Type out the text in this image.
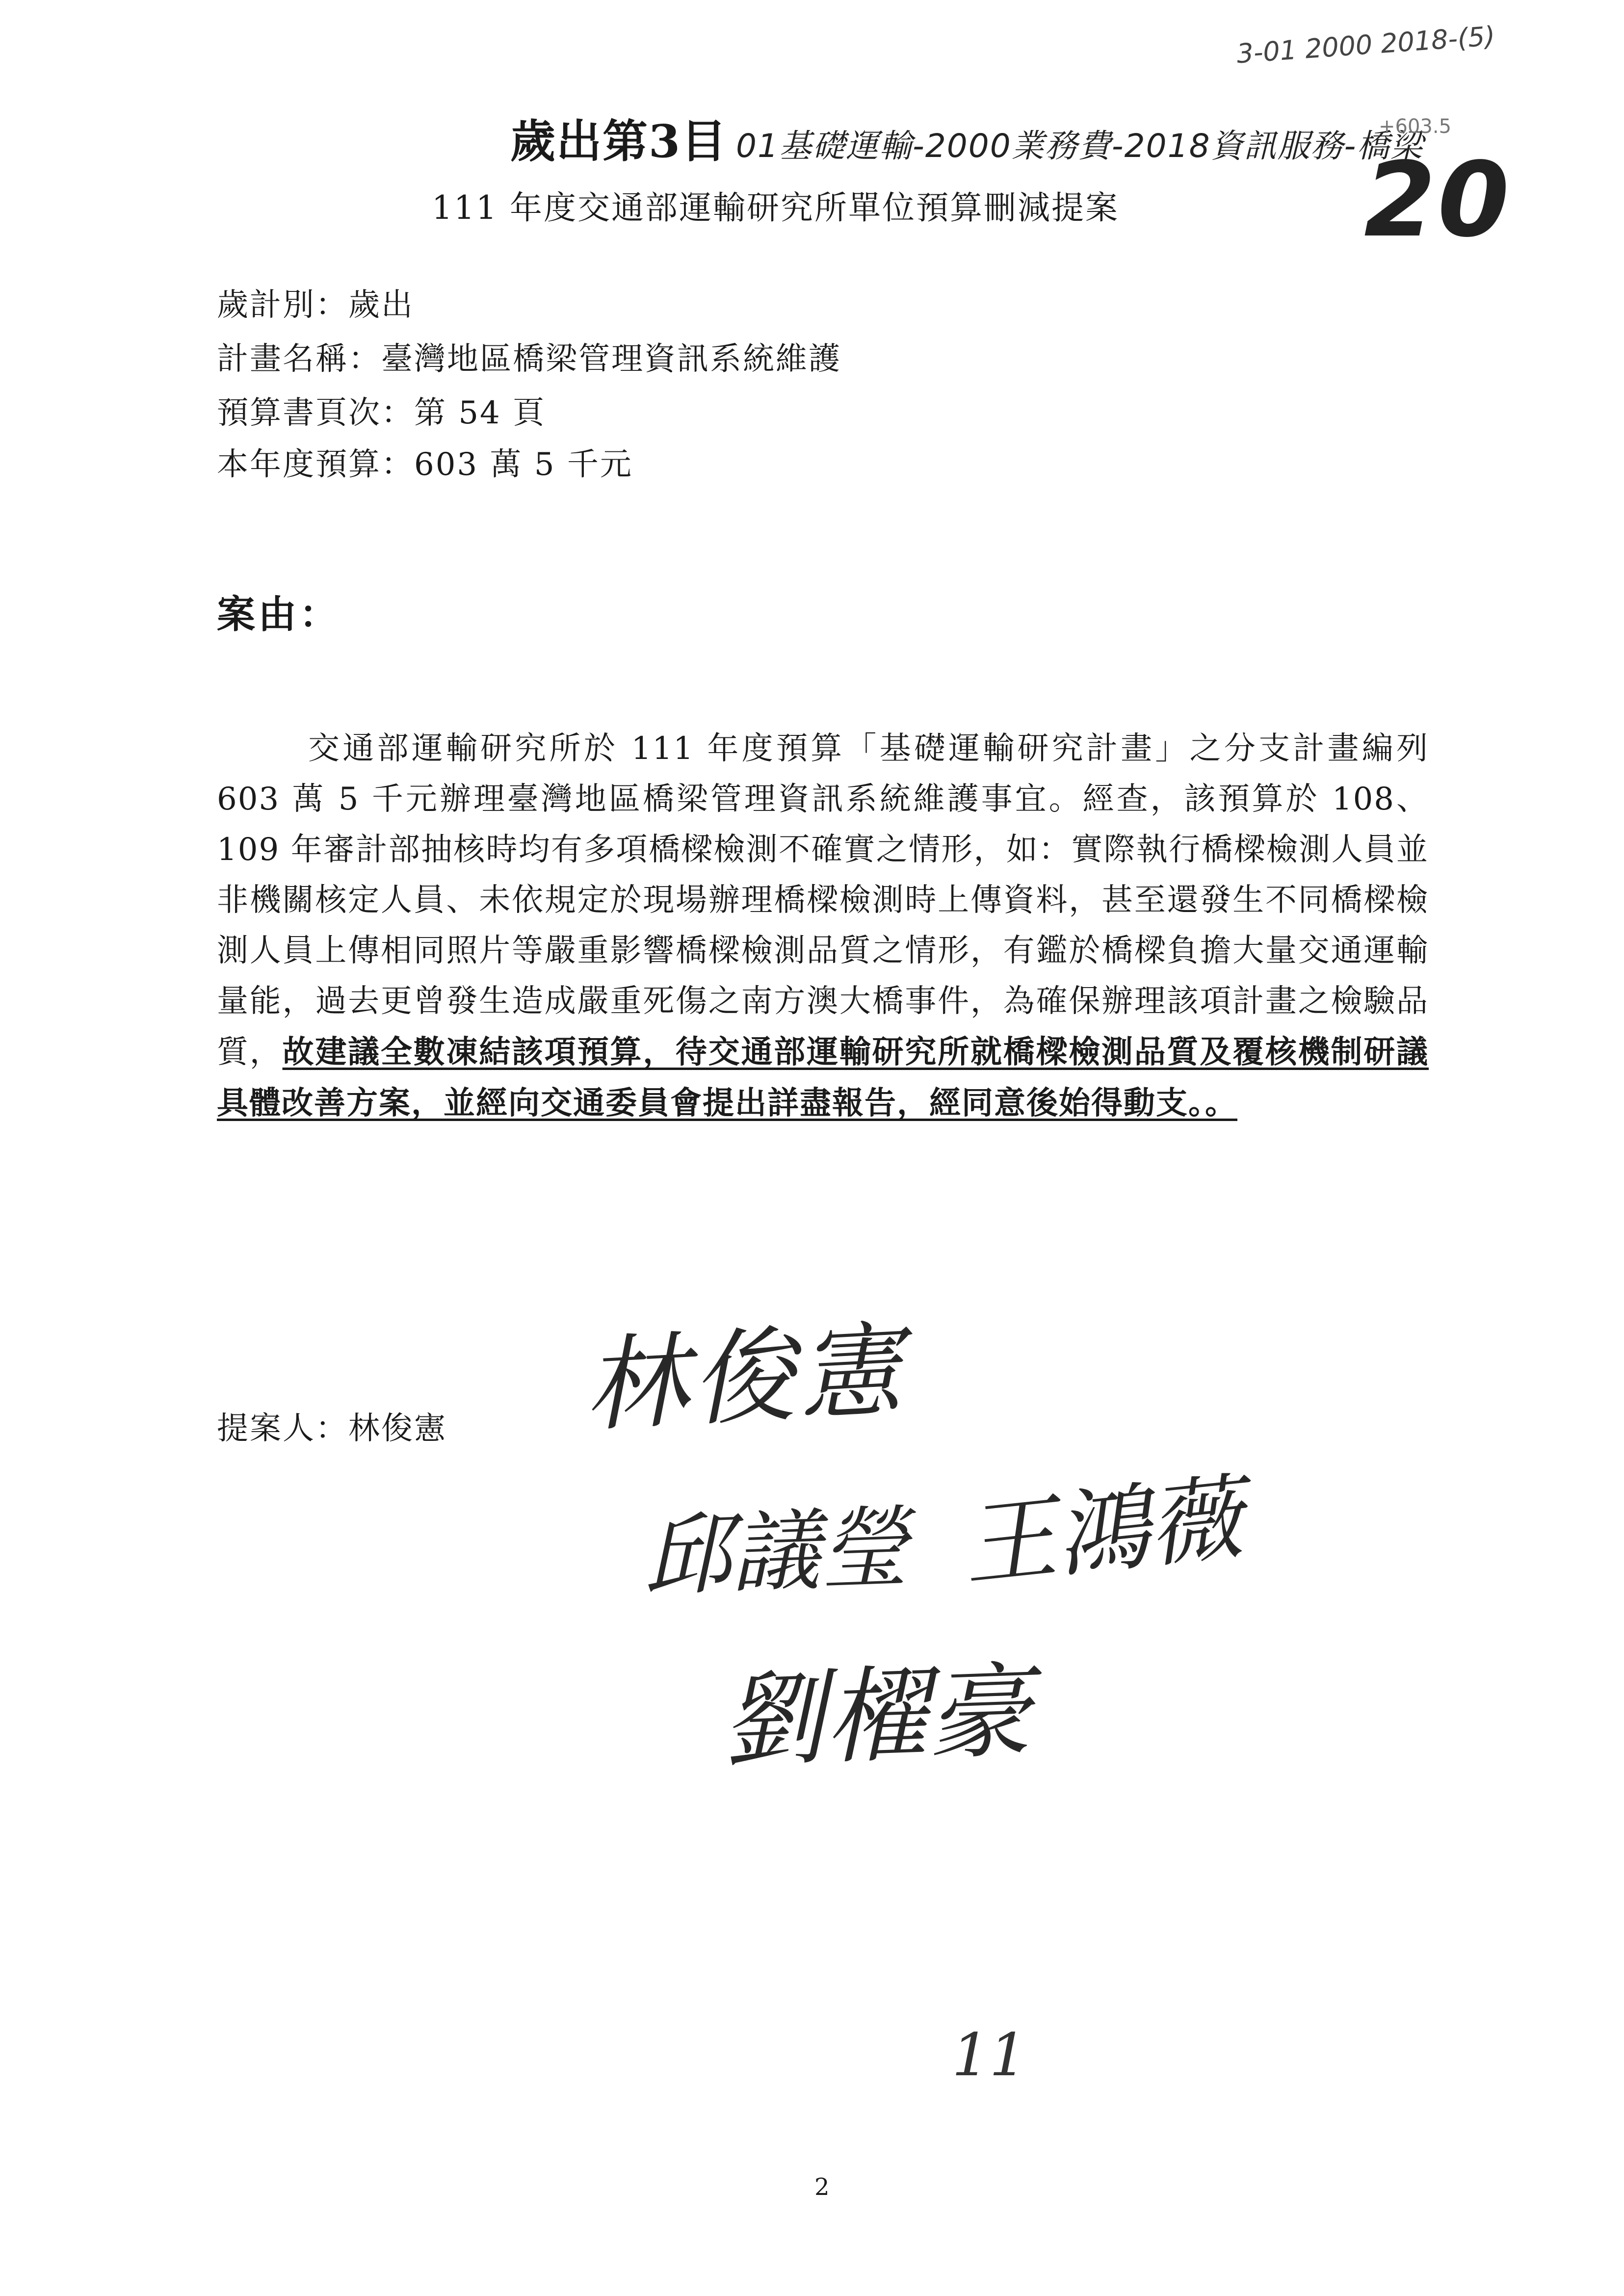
3-01 2000 2018-(5)
歲出第3目 01基礎運輸-2000業務費-2018資訊服務-橋梁
+603.5
20
111 年度交通部運輸研究所單位預算刪減提案
歲計別：歲出
計畫名稱：臺灣地區橋梁管理資訊系統維護
預算書頁次：第 54 頁
本年度預算：603 萬 5 千元
案由：

交通部運輸研究所於 111 年度預算「基礎運輸研究計畫」之分支計畫編列 603 萬 5 千元辦理臺灣地區橋梁管理資訊系統維護事宜。經查，該預算於 108、109 年審計部抽核時均有多項橋樑檢測不確實之情形，如：實際執行橋樑檢測人員並非機關核定人員、未依規定於現場辦理橋樑檢測時上傳資料，甚至還發生不同橋樑檢測人員上傳相同照片等嚴重影響橋樑檢測品質之情形，有鑑於橋樑負擔大量交通運輸量能，過去更曾發生造成嚴重死傷之南方澳大橋事件，為確保辦理該項計畫之檢驗品質，故建議全數凍結該項預算，待交通部運輸研究所就橋樑檢測品質及覆核機制研議具體改善方案，並經向交通委員會提出詳盡報告，經同意後始得動支。。

提案人：林俊憲 林俊憲
邱議瑩 王鴻薇
劉櫂豪
11
2
